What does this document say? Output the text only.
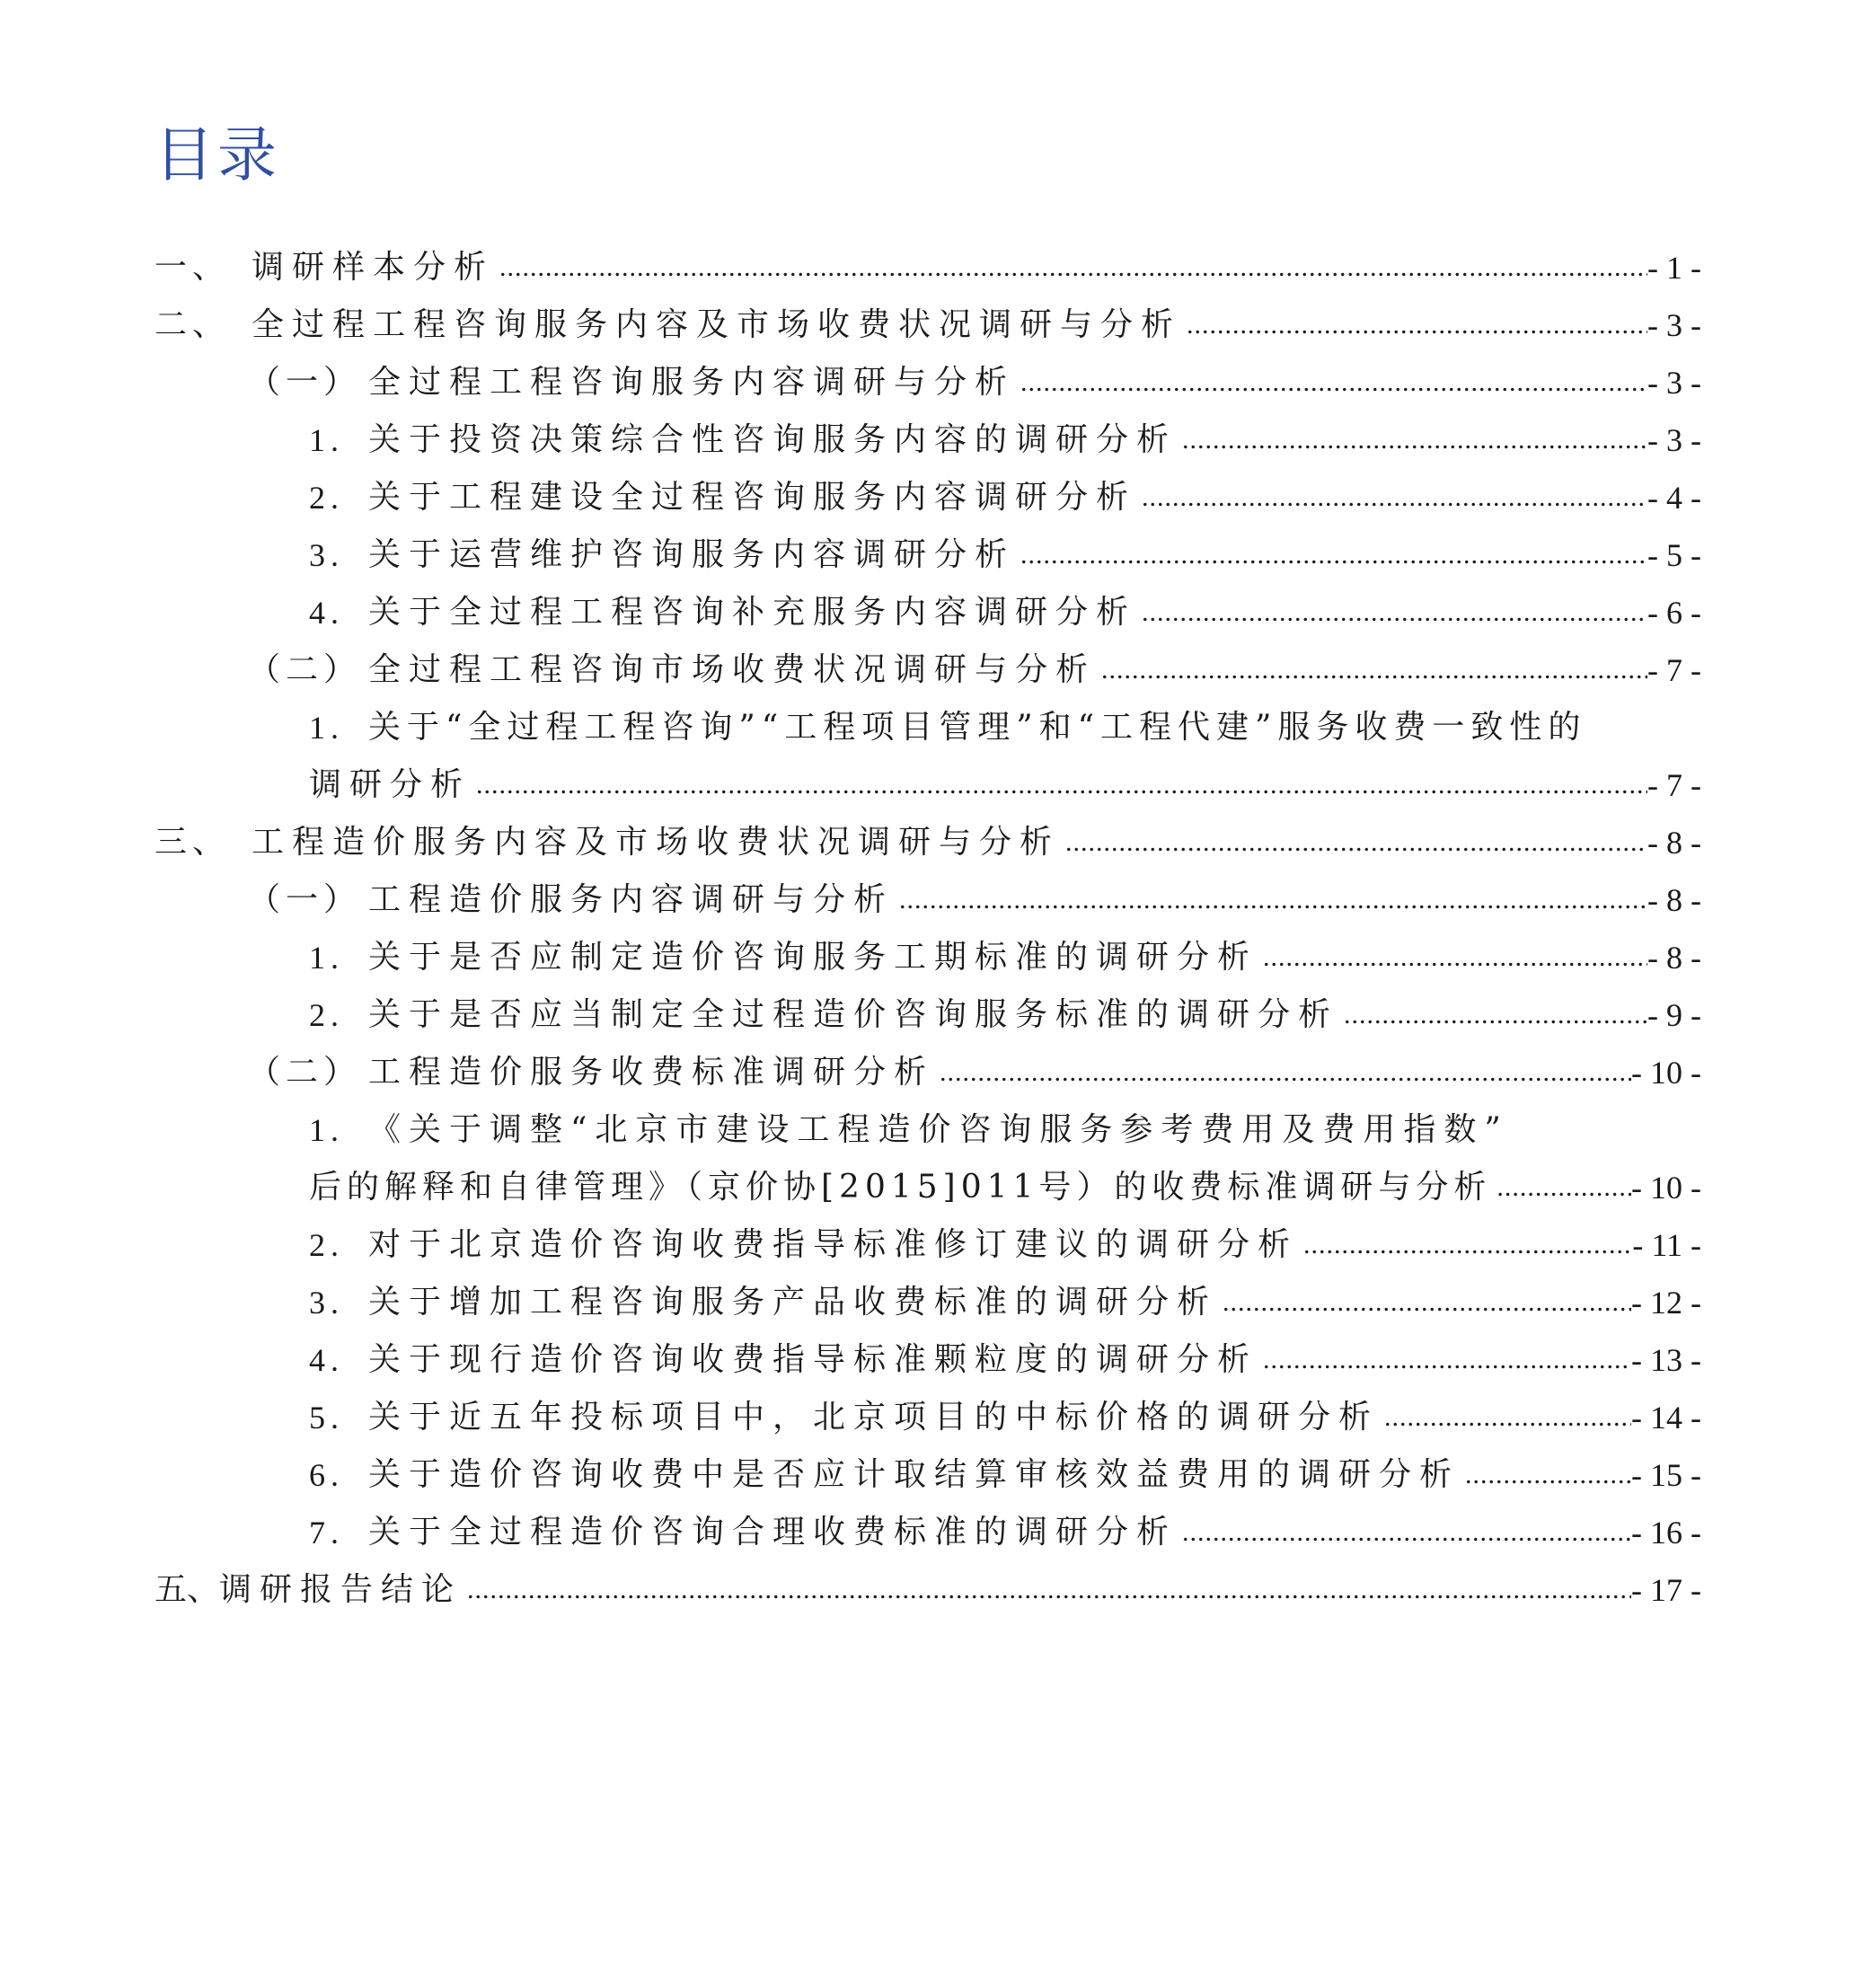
目录
一、 调研样本分析 .....	- 1 -
二、 全过程工程咨询服务内容及市场收费状况调研与分析 .....	- 3 -
（一） 全过程工程咨询服务内容调研与分析 .....	- 3 -
1. 关于投资决策综合性咨询服务内容的调研分析 .....	- 3 -
2. 关于工程建设全过程咨询服务内容调研分析 .....	- 4 -
3. 关于运营维护咨询服务内容调研分析 .....	- 5 -
4. 关于全过程工程咨询补充服务内容调研分析 .....	- 6 -
（二） 全过程工程咨询市场收费状况调研与分析 .....	- 7 -
1. 关于“全过程工程咨询”“工程项目管理”和“工程代建”服务收费一致性的
调研分析 .....	- 7 -
三、 工程造价服务内容及市场收费状况调研与分析 .....	- 8 -
（一） 工程造价服务内容调研与分析 .....	- 8 -
1. 关于是否应制定造价咨询服务工期标准的调研分析 .....	- 8 -
2. 关于是否应当制定全过程造价咨询服务标准的调研分析 .....	- 9 -
（二） 工程造价服务收费标准调研分析 .....	- 10 -
1. 《关于调整“北京市建设工程造价咨询服务参考费用及费用指数”
后的解释和自律管理》（京价协[2015]011号）的收费标准调研与分析 .....	- 10 -
2. 对于北京造价咨询收费指导标准修订建议的调研分析 .....	- 11 -
3. 关于增加工程咨询服务产品收费标准的调研分析 .....	- 12 -
4. 关于现行造价咨询收费指导标准颗粒度的调研分析 .....	- 13 -
5. 关于近五年投标项目中，北京项目的中标价格的调研分析 .....	- 14 -
6. 关于造价咨询收费中是否应计取结算审核效益费用的调研分析 .....	- 15 -
7. 关于全过程造价咨询合理收费标准的调研分析 .....	- 16 -
五、 调研报告结论 .....	- 17 -
